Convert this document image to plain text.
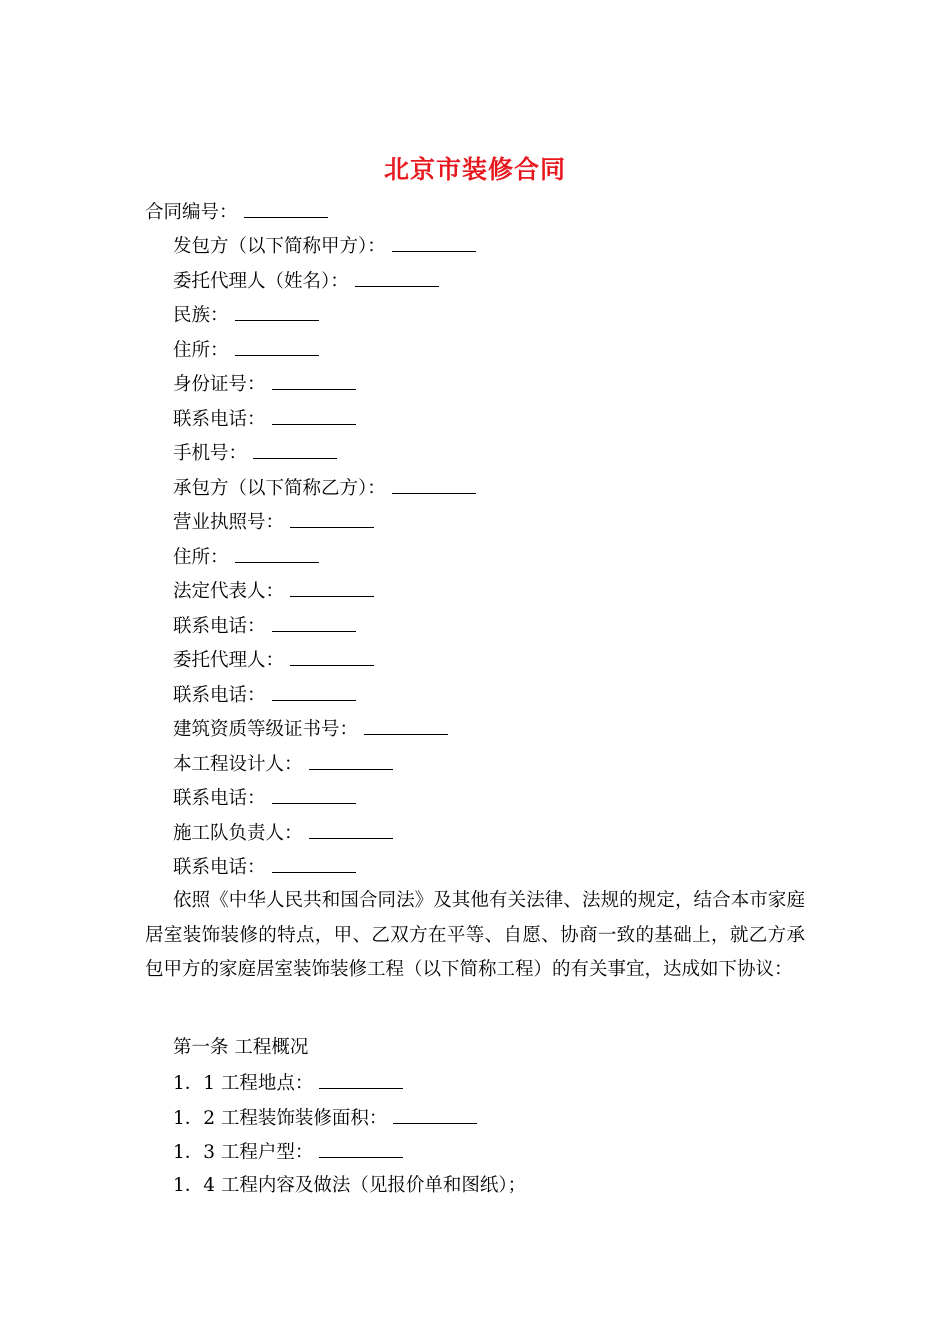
北京市装修合同
合同编号：
发包方（以下简称甲方）：
委托代理人（姓名）：
民族：
住所：
身份证号：
联系电话：
手机号：
承包方（以下简称乙方）：
营业执照号：
住所：
法定代表人：
联系电话：
委托代理人：
联系电话：
建筑资质等级证书号：
本工程设计人：
联系电话：
施工队负责人：
联系电话：
依照《中华人民共和国合同法》及其他有关法律、法规的规定，结合本市家庭居室装饰装修的特点，甲、乙双方在平等、自愿、协商一致的基础上，就乙方承包甲方的家庭居室装饰装修工程（以下简称工程）的有关事宜，达成如下协议：
第一条 工程概况
1．1 工程地点：
1．2 工程装饰装修面积：
1．3 工程户型：
1．4 工程内容及做法（见报价单和图纸）；
